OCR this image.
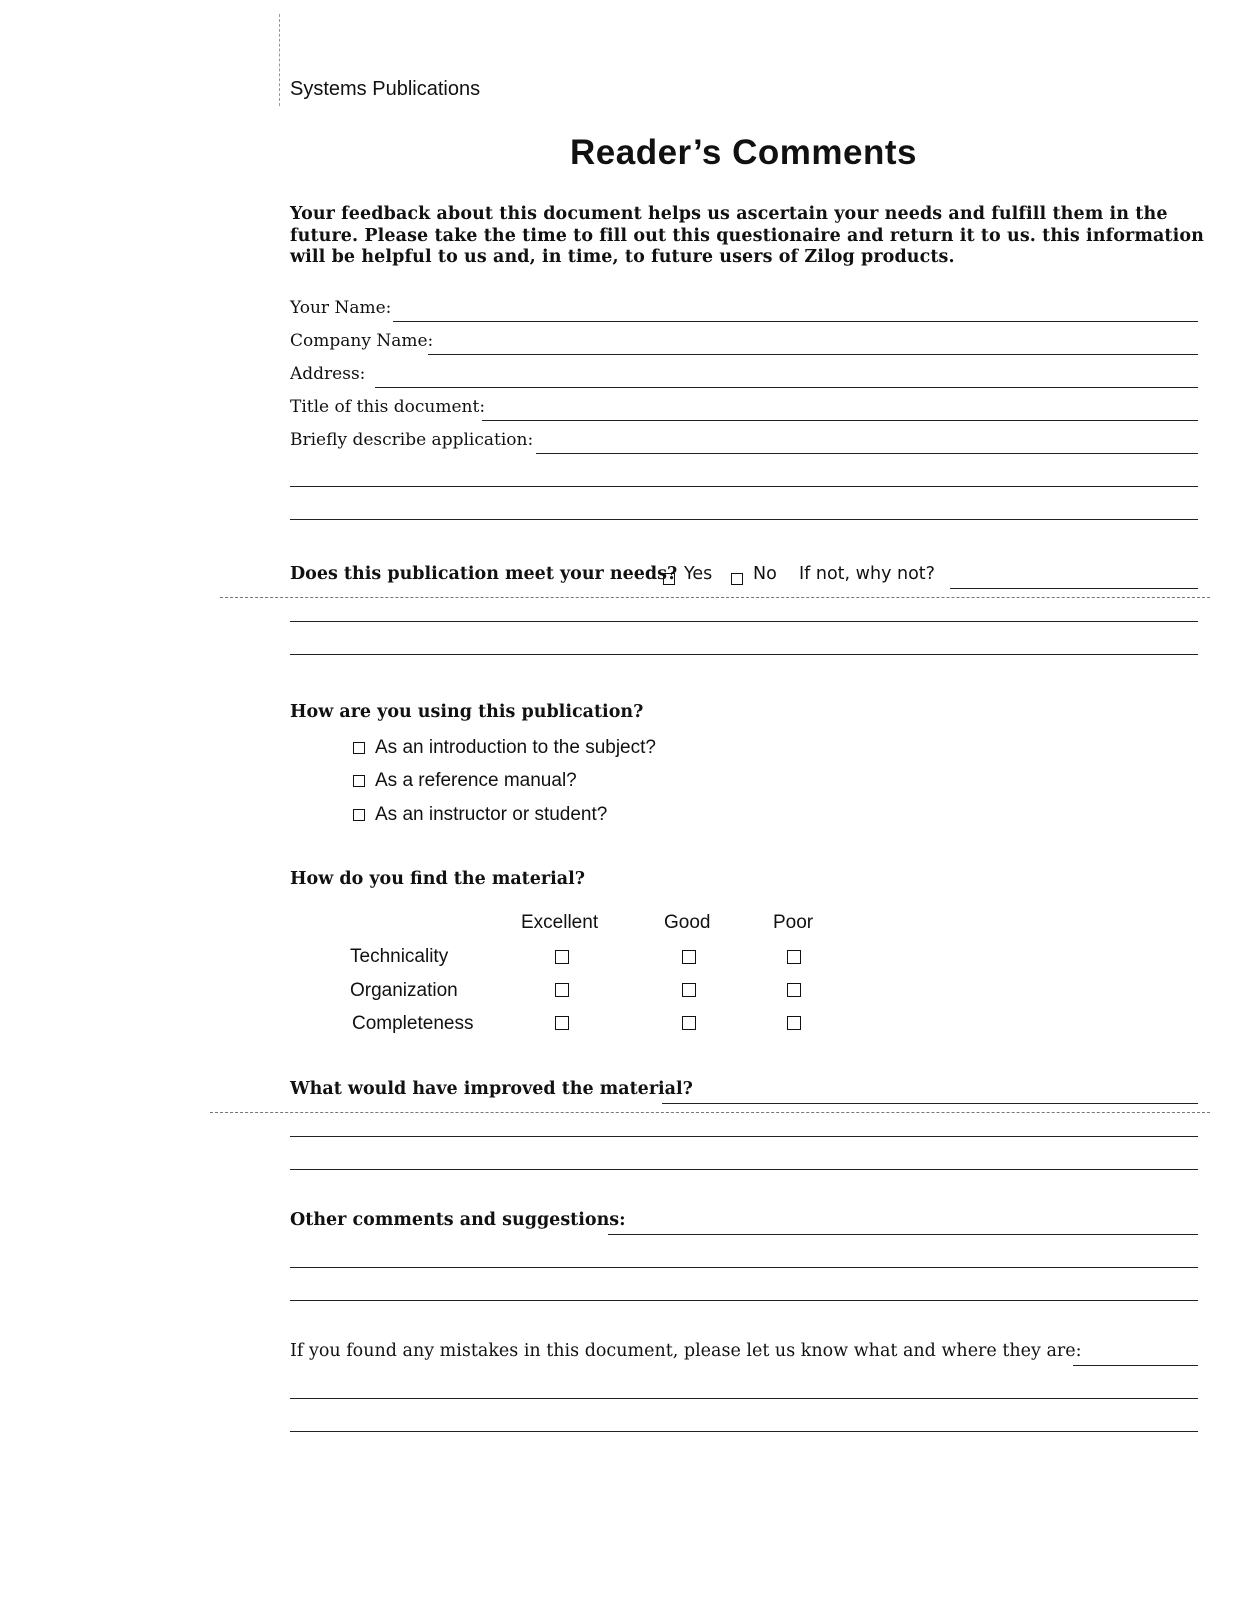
Systems Publications
Reader’s Comments
Your feedback about this document helps us ascertain your needs and fulfill them in the future. Please take the time to fill out this questionaire and return it to us. this information will be helpful to us and, in time, to future users of Zilog products.
Your Name:
Company Name:
Address:
Title of this document:
Briefly describe application:
Does this publication meet your needs? Yes No If not, why not?
How are you using this publication?
As an introduction to the subject?
As a reference manual?
As an instructor or student?
How do you find the material?
Excellent	Good	Poor
Technicality
Organization
Completeness
What would have improved the material?
Other comments and suggestions:
If you found any mistakes in this document, please let us know what and where they are:
